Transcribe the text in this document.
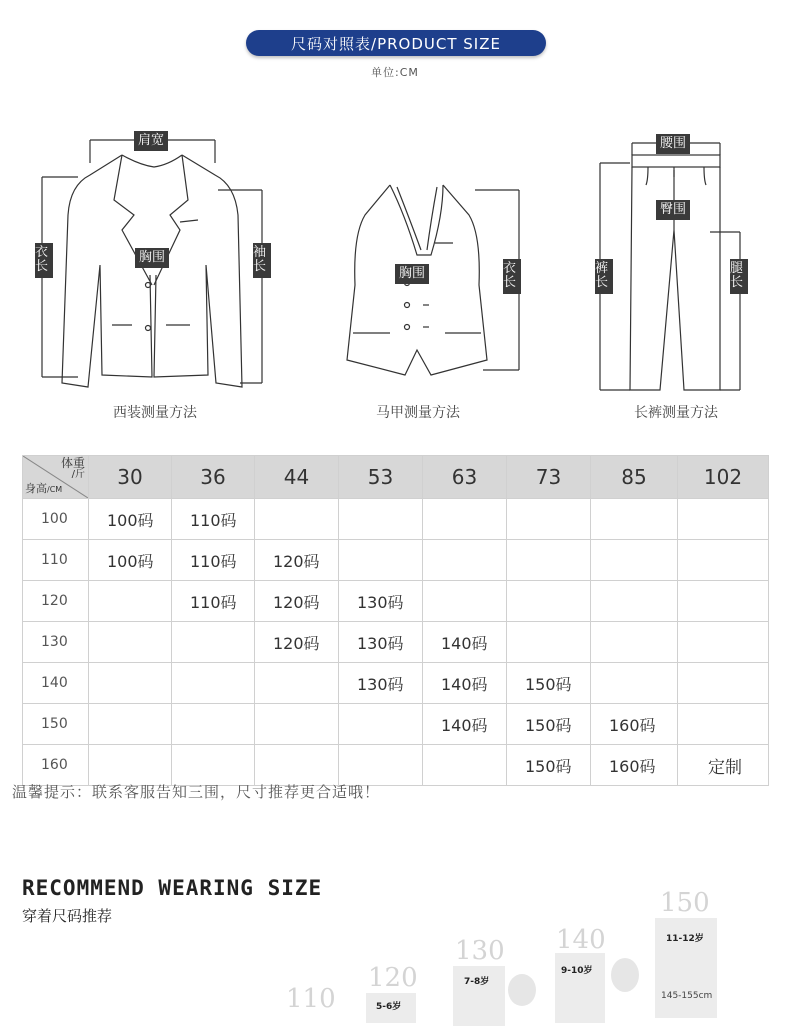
尺码对照表/PRODUCT SIZE
单位:CM
肩宽
衣长
胸围	袖长
西装测量方法
胸围	衣长
马甲测量方法
腰围
臀围
裤长
腿长
长裤测量方法
体重
/斤
身高/CM	30	36	44	53	63	73	85	102
100	100码	110码						
110	100码	110码	120码					
120		110码	120码	130码				
130			120码	130码	140码			
140				130码	140码	150码		
150					140码	150码	160码	
160						150码	160码	定制
温馨提示：联系客服告知三围，尺寸推荐更合适哦！
RECOMMEND WEARING SIZE
穿着尺码推荐
110
120
5-6岁
130
7-8岁
140
9-10岁
150
11-12岁
145-155cm
